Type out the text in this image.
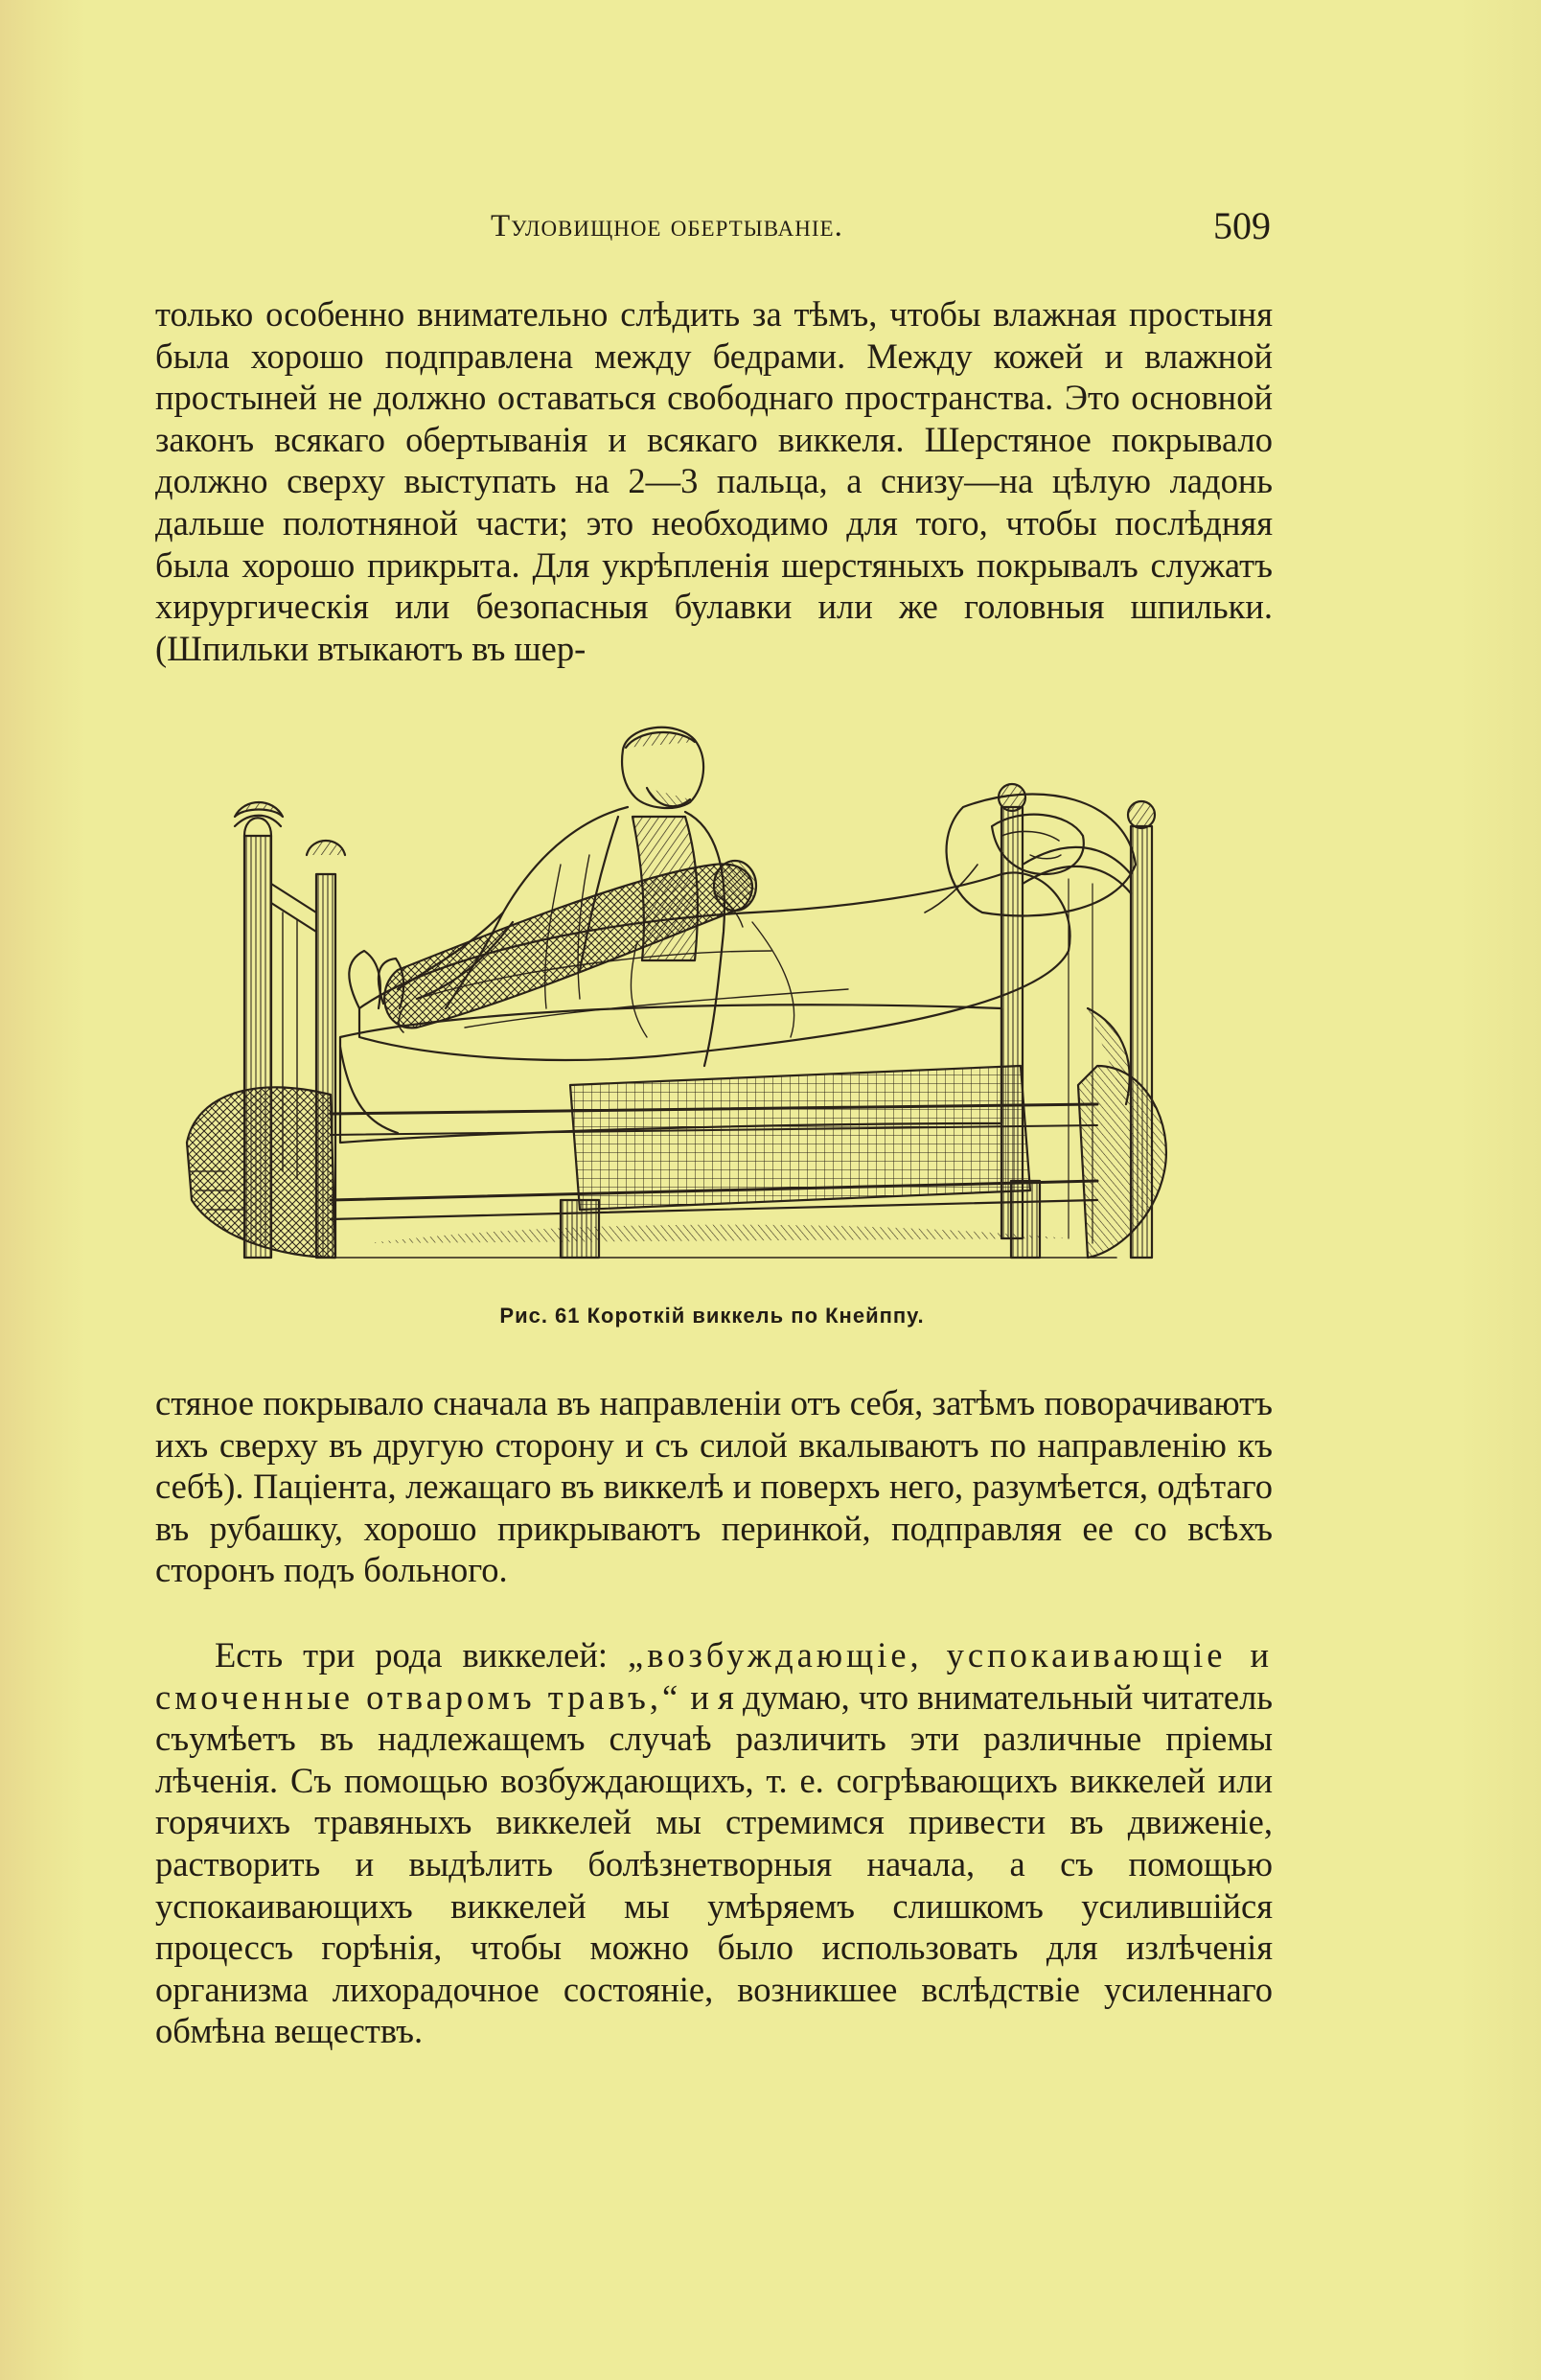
Туловищное обертываніе.	509

только особенно внимательно слѣдить за тѣмъ, чтобы влажная простыня была хорошо подправлена между бедрами. Между кожей и влажной простыней не должно оставаться свободнаго пространства. Это основной законъ всякаго обертыванія и всякаго виккеля. Шерстяное покрывало должно сверху выступать на 2—3 пальца, а снизу—на цѣлую ладонь дальше полотняной части; это необходимо для того, чтобы послѣдняя была хорошо прикрыта. Для укрѣпленія шерстяныхъ покрывалъ служатъ хирургическія или безопасныя булавки или же головныя шпильки. (Шпильки втыкаютъ въ шер-

Рис. 61 Короткій виккель по Кнейппу.

стяное покрывало сначала въ направленіи отъ себя, затѣмъ поворачиваютъ ихъ сверху въ другую сторону и съ силой вкалываютъ по направленію къ себѣ). Пацiента, лежащаго въ виккелѣ и поверхъ него, разумѣется, одѣтаго въ рубашку, хорошо прикрываютъ перинкой, подправляя ее со всѣхъ сторонъ подъ больного.

Есть три рода виккелей: „возбуждающіе, успокаивающіе и смоченные отваромъ травъ,“ и я думаю, что внимательный читатель съумѣетъ въ надлежащемъ случаѣ различить эти различные пріемы лѣченія. Съ помощью возбуждающихъ, т. е. согрѣвающихъ виккелей или горячихъ травяныхъ виккелей мы стремимся привести въ движеніе, растворить и выдѣлить болѣзнетворныя начала, а съ помощью успокаивающихъ виккелей мы умѣряемъ слишкомъ усилившійся процессъ горѣнія, чтобы можно было использовать для излѣченія организма лихорадочное состояніе, возникшее вслѣдствіе усиленнаго обмѣна веществъ.
